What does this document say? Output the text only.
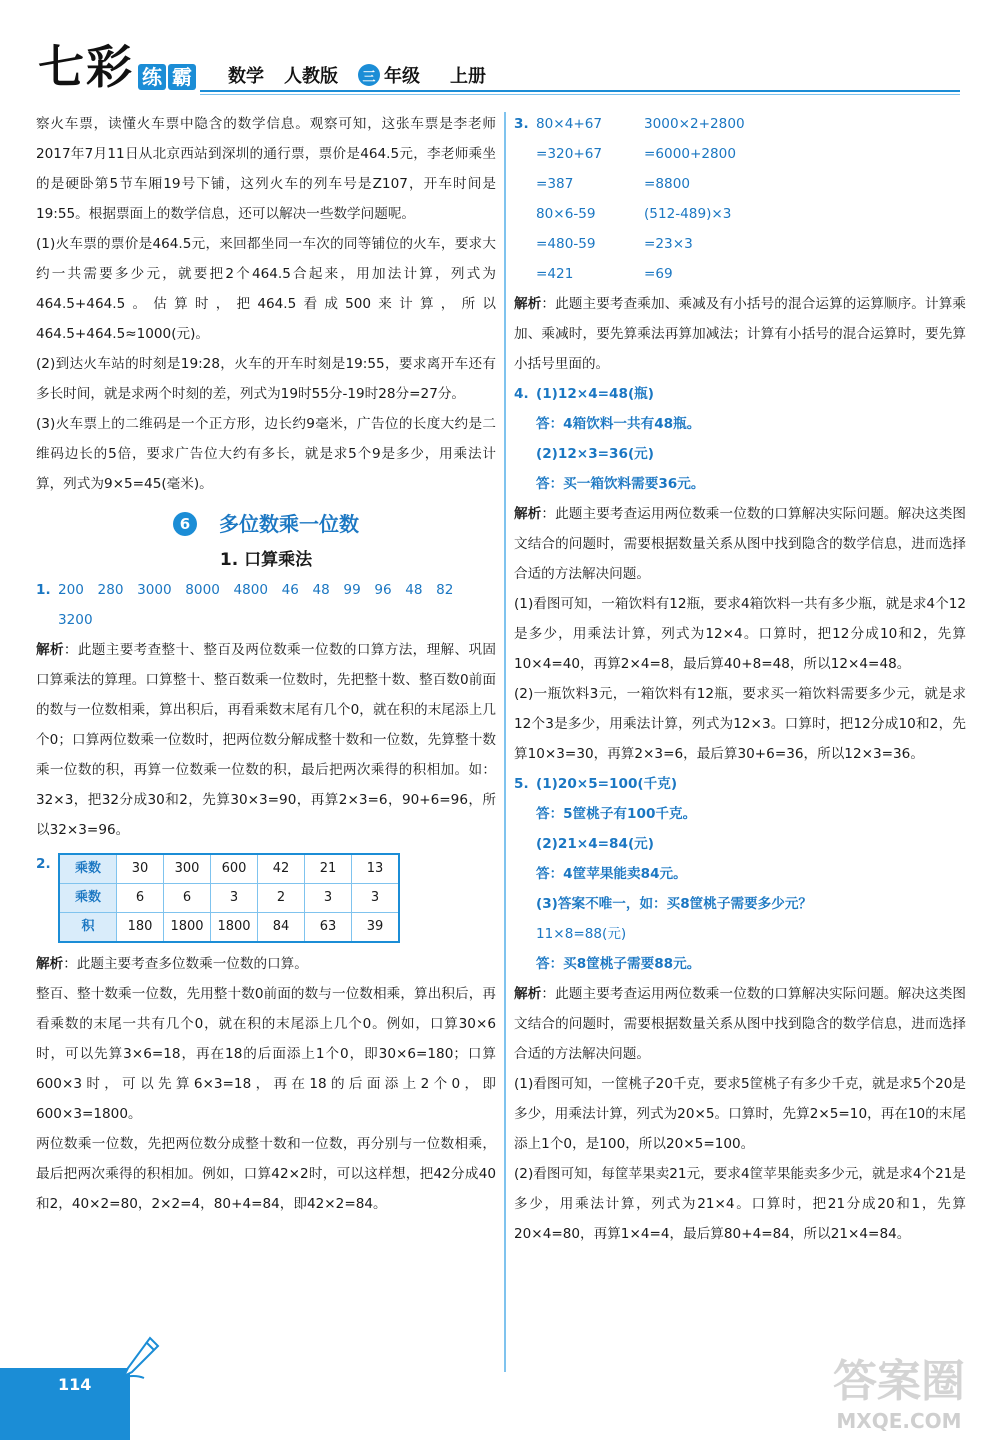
七彩 练 霸 数学 人教版	三 年级 上册

察火车票，读懂火车票中隐含的数学信息。观察可知，这张车票是李老师2017年7月11日从北京西站到深圳的通行票，票价是464.5元，李老师乘坐的是硬卧第5节车厢19号下铺，这列火车的列车号是Z107，开车时间是19:55。根据票面上的数学信息，还可以解决一些数学问题呢。

(1)火车票的票价是464.5元，来回都坐同一车次的同等铺位的火车，要求大约一共需要多少元，就要把2个464.5合起来，用加法计算，列式为464.5+464.5。估算时，把464.5看成500来计算，所以464.5+464.5≈1000(元)。

(2)到达火车站的时刻是19:28，火车的开车时刻是19:55，要求离开车还有多长时间，就是求两个时刻的差，列式为19时55分-19时28分=27分。

(3)火车票上的二维码是一个正方形，边长约9毫米，广告位的长度大约是二维码边长的5倍，要求广告位大约有多长，就是求5个9是多少，用乘法计算，列式为9×5=45(毫米)。

6	多位数乘一位数
1. 口算乘法
1. 200　280　3000　8000　4800　46　48　99　96　48　82
3200

解析：此题主要考查整十、整百及两位数乘一位数的口算方法，理解、巩固口算乘法的算理。口算整十、整百数乘一位数时，先把整十数、整百数0前面的数与一位数相乘，算出积后，再看乘数末尾有几个0，就在积的末尾添上几个0；口算两位数乘一位数时，把两位数分解成整十数和一位数，先算整十数乘一位数的积，再算一位数乘一位数的积，最后把两次乘得的积相加。如：32×3，把32分成30和2，先算30×3=90，再算2×3=6，90+6=96，所以32×3=96。

2.	乘数	30	300	600	42	21	13
乘数	6	6	3	2	3	3
积	180	1800	1800	84	63	39

解析：此题主要考查多位数乘一位数的口算。

整百、整十数乘一位数，先用整十数0前面的数与一位数相乘，算出积后，再看乘数的末尾一共有几个0，就在积的末尾添上几个0。例如，口算30×6时，可以先算3×6=18，再在18的后面添上1个0，即30×6=180；口算600×3时，可以先算6×3=18，再在18的后面添上2个0，即600×3=1800。

两位数乘一位数，先把两位数分成整十数和一位数，再分别与一位数相乘，最后把两次乘得的积相加。例如，口算42×2时，可以这样想，把42分成40和2，40×2=80，2×2=4，80+4=84，即42×2=84。

3. 80×4+67	3000×2+2800
=320+67	=6000+2800
=387	=8800
80×6-59	(512-489)×3
=480-59	=23×3
=421	=69

解析：此题主要考查乘加、乘减及有小括号的混合运算的运算顺序。计算乘加、乘减时，要先算乘法再算加减法；计算有小括号的混合运算时，要先算小括号里面的。

4. (1)12×4=48(瓶)
答：4箱饮料一共有48瓶。
(2)12×3=36(元)
答：买一箱饮料需要36元。

解析：此题主要考查运用两位数乘一位数的口算解决实际问题。解决这类图文结合的问题时，需要根据数量关系从图中找到隐含的数学信息，进而选择合适的方法解决问题。

(1)看图可知，一箱饮料有12瓶，要求4箱饮料一共有多少瓶，就是求4个12是多少，用乘法计算，列式为12×4。口算时，把12分成10和2，先算10×4=40，再算2×4=8，最后算40+8=48，所以12×4=48。

(2)一瓶饮料3元，一箱饮料有12瓶，要求买一箱饮料需要多少元，就是求12个3是多少，用乘法计算，列式为12×3。口算时，把12分成10和2，先算10×3=30，再算2×3=6，最后算30+6=36，所以12×3=36。

5. (1)20×5=100(千克)
答：5筐桃子有100千克。
(2)21×4=84(元)
答：4筐苹果能卖84元。
(3)答案不唯一，如：买8筐桃子需要多少元？
11×8=88(元)
答：买8筐桃子需要88元。

解析：此题主要考查运用两位数乘一位数的口算解决实际问题。解决这类图文结合的问题时，需要根据数量关系从图中找到隐含的数学信息，进而选择合适的方法解决问题。

(1)看图可知，一筐桃子20千克，要求5筐桃子有多少千克，就是求5个20是多少，用乘法计算，列式为20×5。口算时，先算2×5=10，再在10的末尾添上1个0，是100，所以20×5=100。

(2)看图可知，每筐苹果卖21元，要求4筐苹果能卖多少元，就是求4个21是多少，用乘法计算，列式为21×4。口算时，把21分成20和1，先算20×4=80，再算1×4=4，最后算80+4=84，所以21×4=84。

114	答案圈
MXQE.COM
